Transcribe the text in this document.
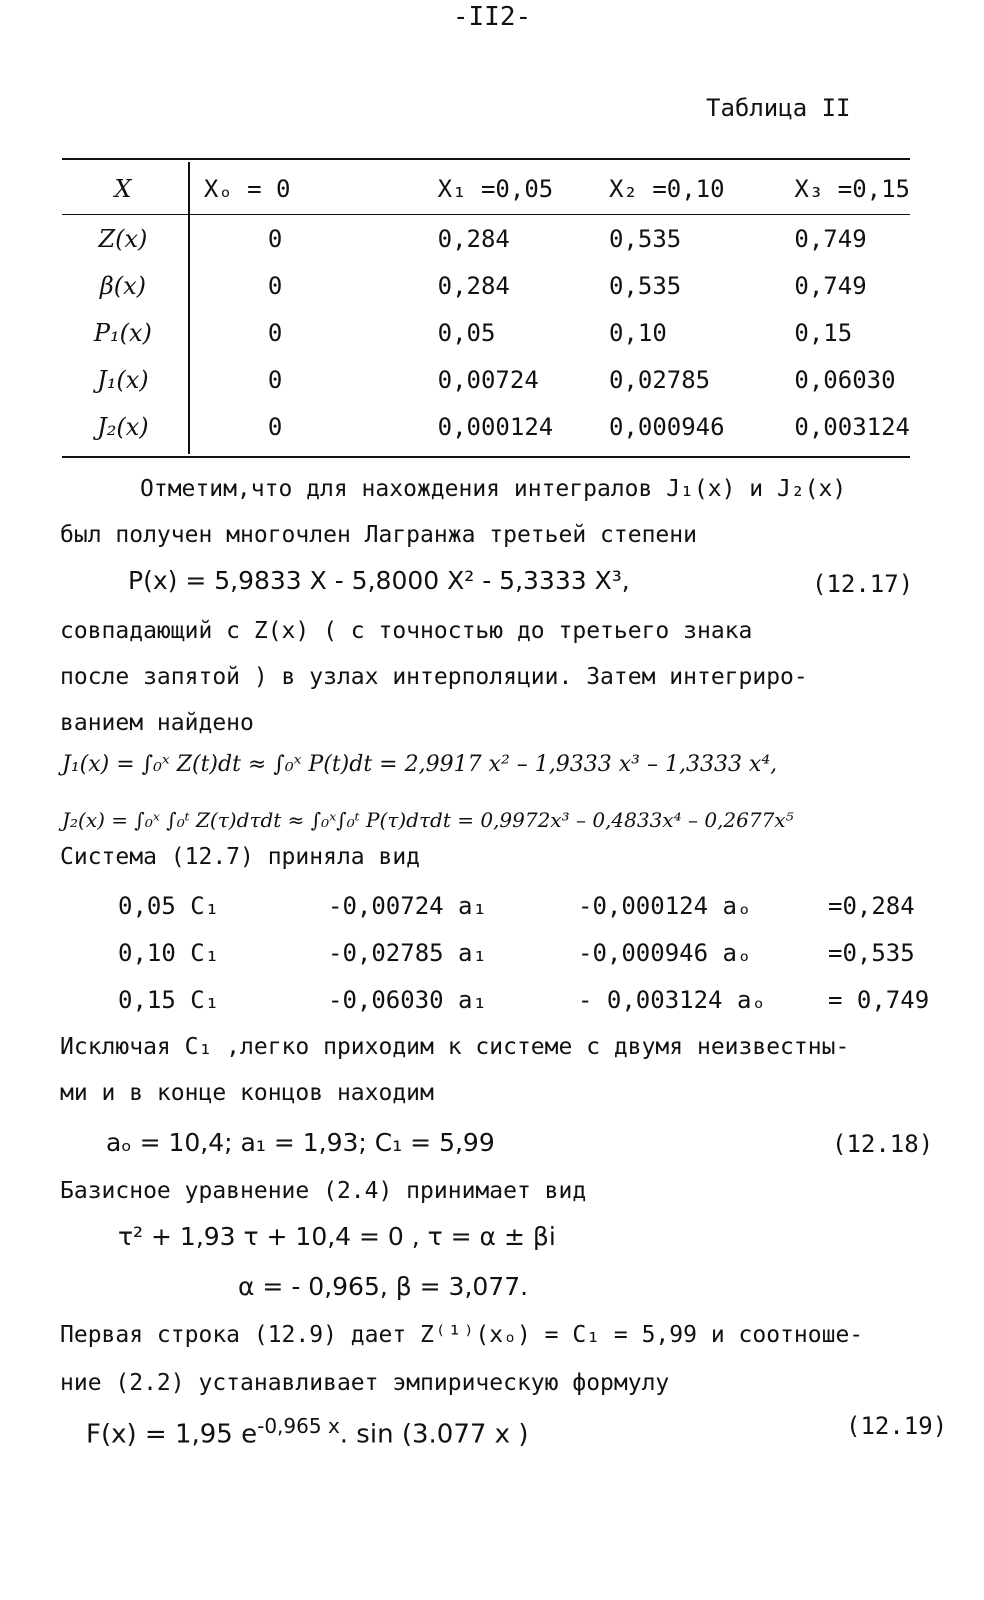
-II2-
Таблица II
X	Xₒ = 0	X₁ =0,05	X₂ =0,10	X₃ =0,15
Z(x)	0	0,284	0,535	0,749
β(x)	0	0,284	0,535	0,749
P₁(x)	0	0,05	0,10	0,15
J₁(x)	0	0,00724	0,02785	0,06030
J₂(x)	0	0,000124	0,000946	0,003124
Отметим,что для нахождения интегралов J₁(x) и J₂(x)
был получен многочлен Лагранжа третьей степени
P(x) = 5,9833 X - 5,8000 X² - 5,3333 X³,	(12.17)
совпадающий с Z(x) ( с точностью до третьего знака
после запятой ) в узлах интерполяции. Затем интегриро-
ванием найдено
J₁(x) = ∫₀ˣ Z(t)dt ≈ ∫₀ˣ P(t)dt = 2,9917 x² – 1,9333 x³ – 1,3333 x⁴,
J₂(x) = ∫₀ˣ ∫₀ᵗ Z(τ)dτdt ≈ ∫₀ˣ∫₀ᵗ P(τ)dτdt = 0,9972x³ – 0,4833x⁴ – 0,2677x⁵
Система (12.7) приняла вид
0,05 C₁	-0,00724 a₁	-0,000124 aₒ	=0,284
0,10 C₁	-0,02785 a₁	-0,000946 aₒ	=0,535
0,15 C₁	-0,06030 a₁	- 0,003124 aₒ	= 0,749
Исключая C₁ ,легко приходим к системе с двумя неизвестны-
ми и в конце концов находим
aₒ = 10,4; a₁ = 1,93; C₁ = 5,99	(12.18)
Базисное уравнение (2.4) принимает вид
τ² + 1,93 τ + 10,4 = 0 , τ = α ± βi
α = - 0,965, β = 3,077.
Первая строка (12.9) дает Z⁽¹⁾(xₒ) = C₁ = 5,99 и соотноше-
ние (2.2) устанавливает эмпирическую формулу
F(x) = 1,95 $e^{-0,965 x}$. sin (3.077 x )	(12.19)
